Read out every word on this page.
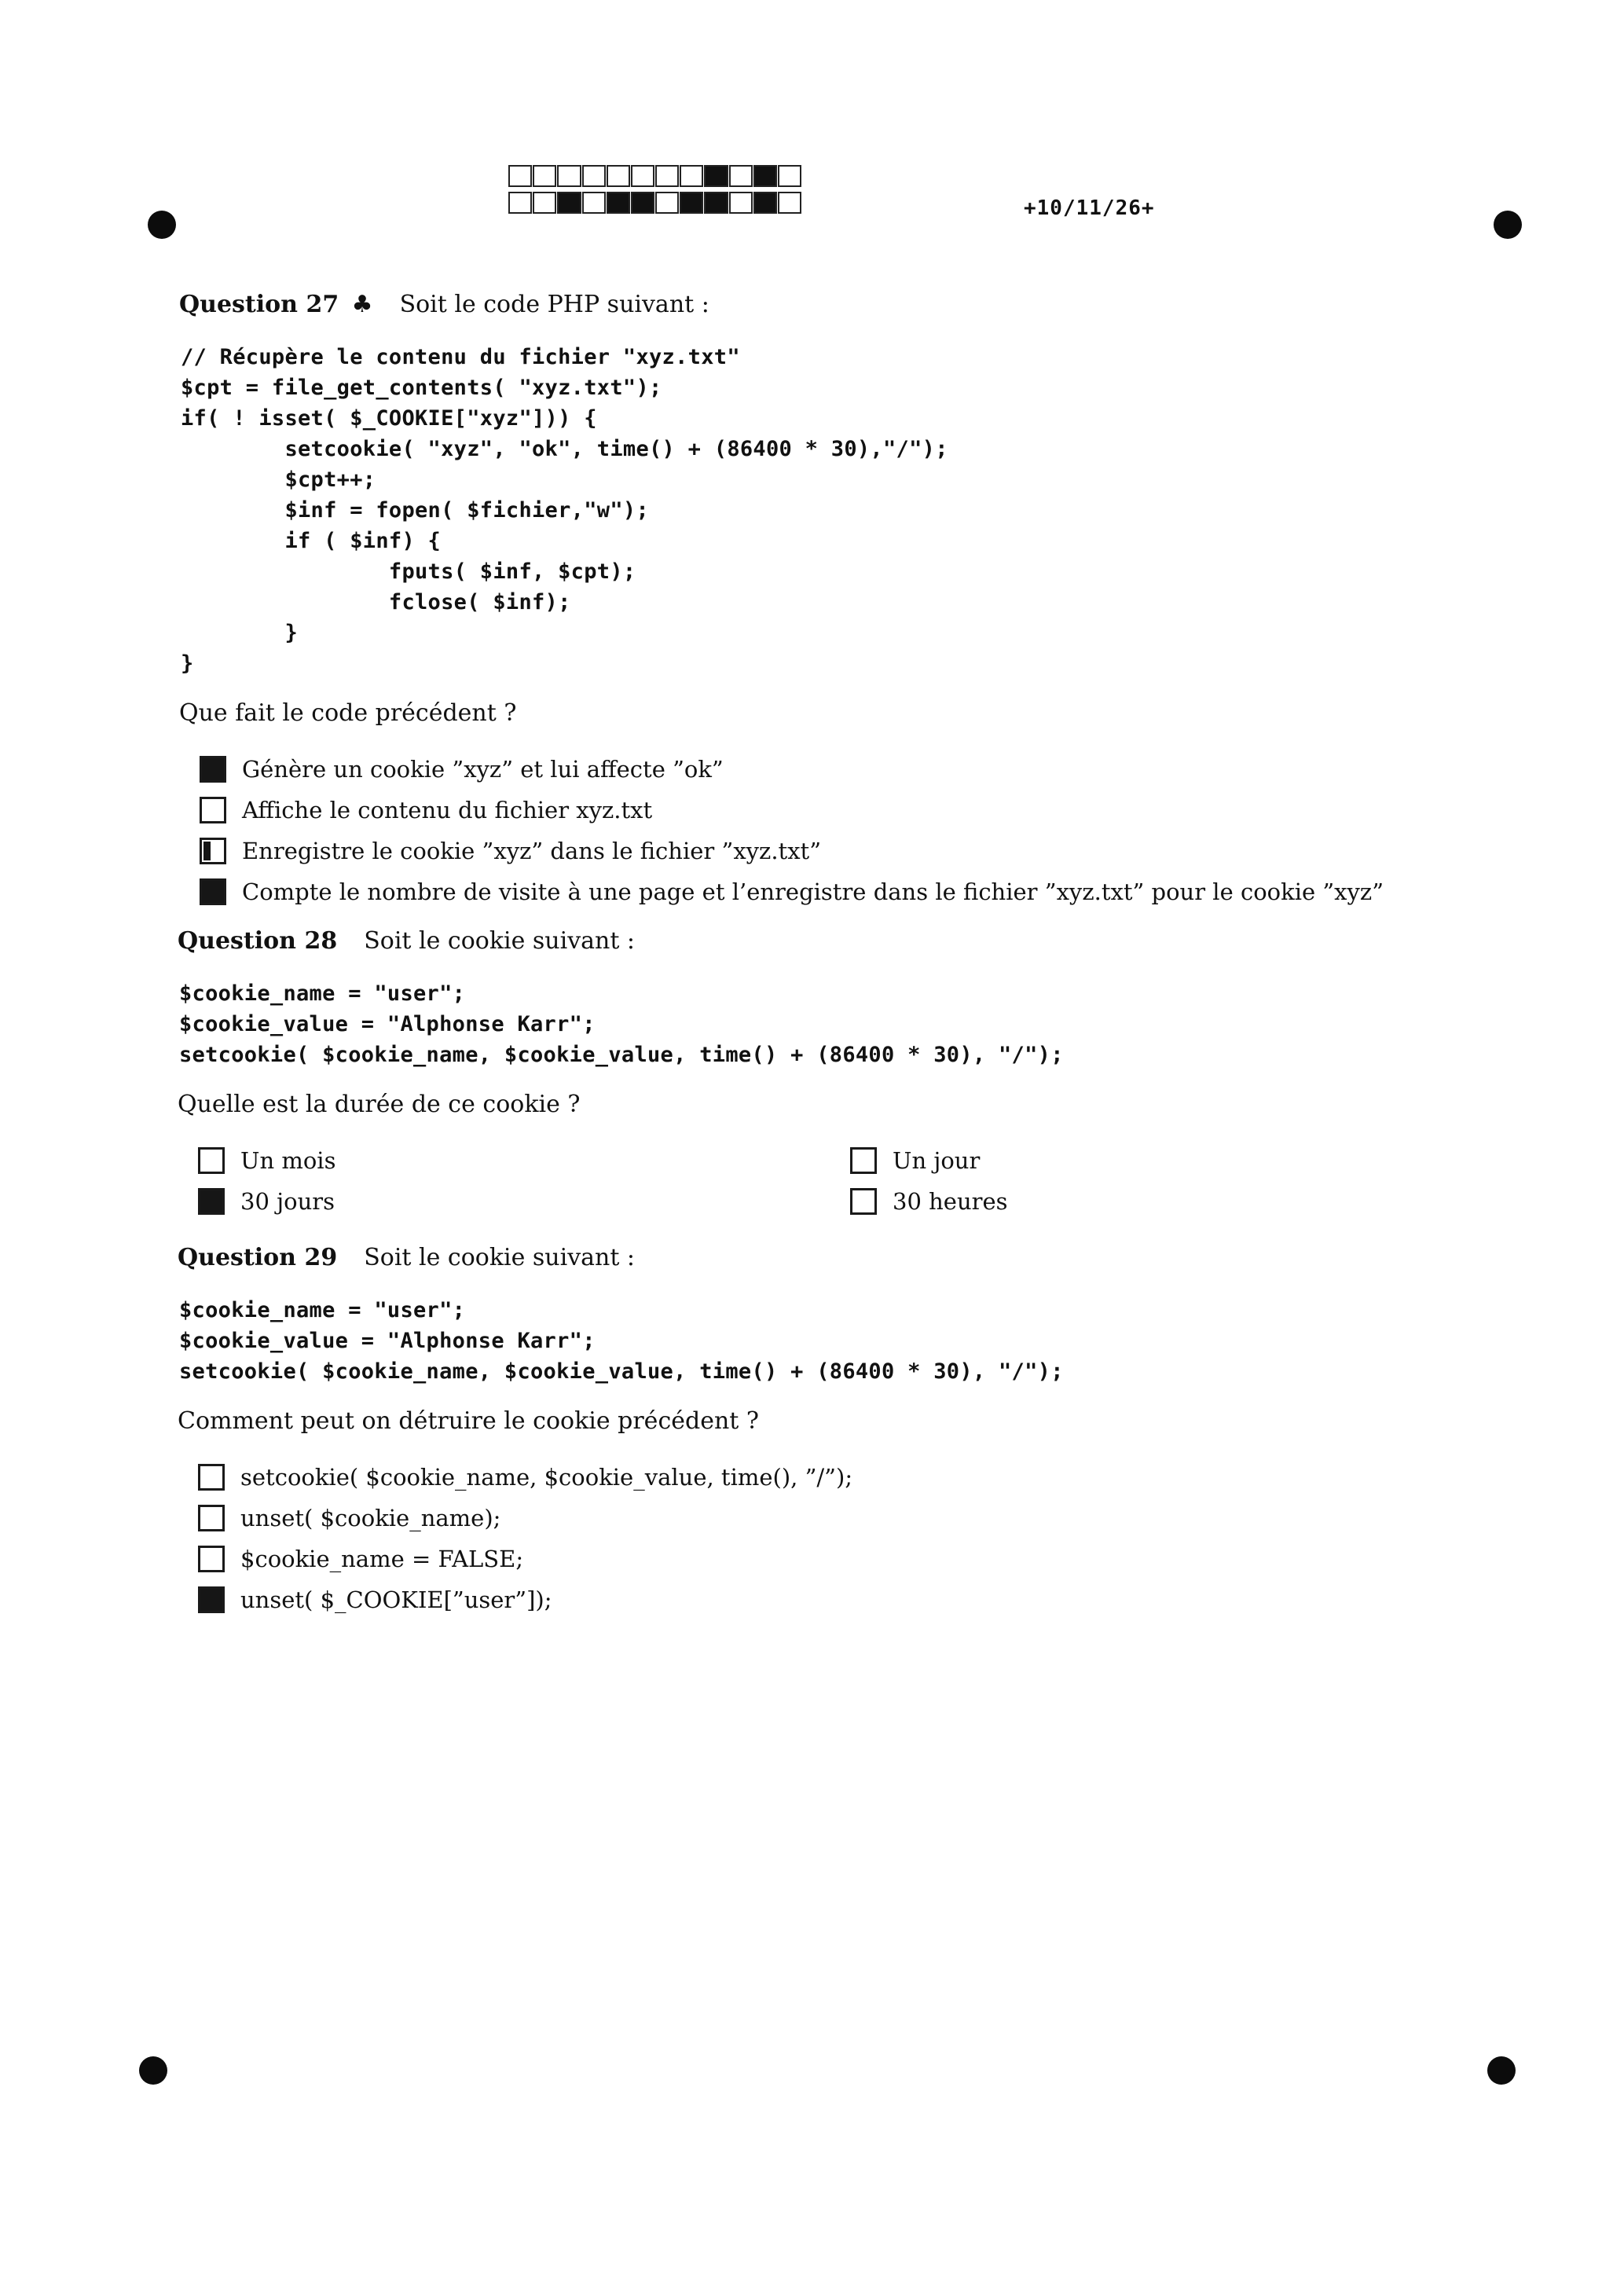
+10/11/26+

Question 27 ♣ Soit le code PHP suivant :

// Récupère le contenu du fichier "xyz.txt"
$cpt = file_get_contents( "xyz.txt");
if( ! isset( $_COOKIE["xyz"])) {
setcookie( "xyz", "ok", time() + (86400 * 30),"/");
$cpt++;
$inf = fopen( $fichier,"w");
if ( $inf) {
fputs( $inf, $cpt);
fclose( $inf);
}
}

Que fait le code précédent ?

Génère un cookie ”xyz” et lui affecte ”ok”
Affiche le contenu du fichier xyz.txt
Enregistre le cookie ”xyz” dans le fichier ”xyz.txt”
Compte le nombre de visite à une page et l’enregistre dans le fichier ”xyz.txt” pour le cookie ”xyz”

Question 28 Soit le cookie suivant :

$cookie_name = "user";
$cookie_value = "Alphonse Karr";
setcookie( $cookie_name, $cookie_value, time() + (86400 * 30), "/");

Quelle est la durée de ce cookie ?

Un mois	Un jour
30 jours	30 heures

Question 29 Soit le cookie suivant :

$cookie_name = "user";
$cookie_value = "Alphonse Karr";
setcookie( $cookie_name, $cookie_value, time() + (86400 * 30), "/");

Comment peut on détruire le cookie précédent ?

setcookie( $cookie_name, $cookie_value, time(), ”/”);
unset( $cookie_name);
$cookie_name = FALSE;
unset( $_COOKIE[”user”]);
